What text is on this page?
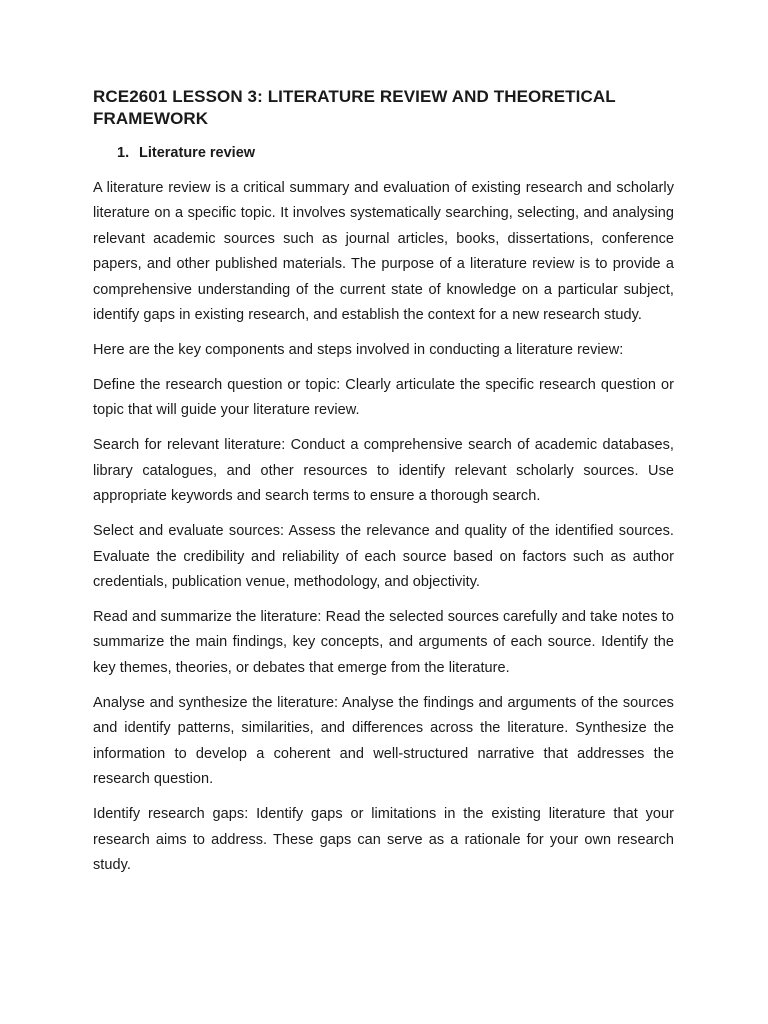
RCE2601 LESSON 3: LITERATURE REVIEW AND THEORETICAL FRAMEWORK
1. Literature review

A literature review is a critical summary and evaluation of existing research and scholarly literature on a specific topic. It involves systematically searching, selecting, and analysing relevant academic sources such as journal articles, books, dissertations, conference papers, and other published materials. The purpose of a literature review is to provide a comprehensive understanding of the current state of knowledge on a particular subject, identify gaps in existing research, and establish the context for a new research study.

Here are the key components and steps involved in conducting a literature review:

Define the research question or topic: Clearly articulate the specific research question or topic that will guide your literature review.

Search for relevant literature: Conduct a comprehensive search of academic databases, library catalogues, and other resources to identify relevant scholarly sources. Use appropriate keywords and search terms to ensure a thorough search.

Select and evaluate sources: Assess the relevance and quality of the identified sources. Evaluate the credibility and reliability of each source based on factors such as author credentials, publication venue, methodology, and objectivity.

Read and summarize the literature: Read the selected sources carefully and take notes to summarize the main findings, key concepts, and arguments of each source. Identify the key themes, theories, or debates that emerge from the literature.

Analyse and synthesize the literature: Analyse the findings and arguments of the sources and identify patterns, similarities, and differences across the literature. Synthesize the information to develop a coherent and well-structured narrative that addresses the research question.

Identify research gaps: Identify gaps or limitations in the existing literature that your research aims to address. These gaps can serve as a rationale for your own research study.
